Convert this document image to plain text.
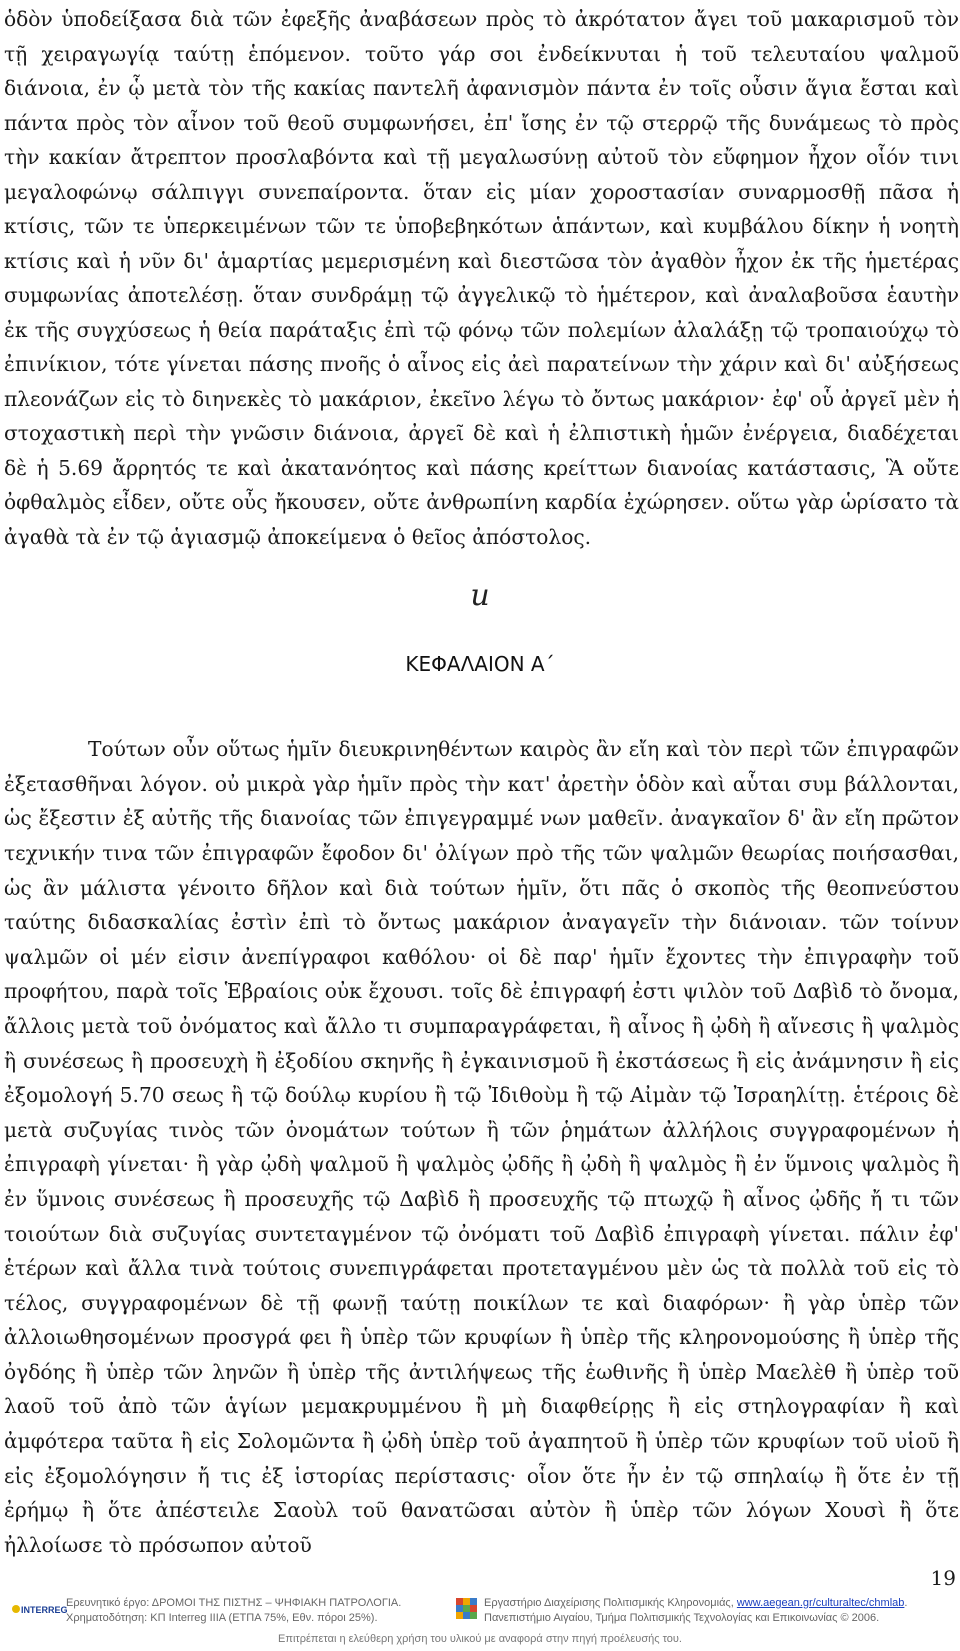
ὁδὸν ὑποδείξασα διὰ τῶν ἐφεξῆς ἀναβάσεων πρὸς τὸ ἀκρότατον ἄγει τοῦ μακαρισμοῦ τὸν τῇ χειραγωγίᾳ ταύτῃ ἑπόμενον. τοῦτο γάρ σοι ἐνδείκνυται ἡ τοῦ τελευταίου ψαλμοῦ διάνοια, ἐν ᾧ μετὰ τὸν τῆς κακίας παντελῆ ἀφανισμὸν πάντα ἐν τοῖς οὖσιν ἅγια ἔσται καὶ πάντα πρὸς τὸν αἶνον τοῦ θεοῦ συμφωνήσει, ἐπ' ἴσης ἐν τῷ στερρῷ τῆς δυνάμεως τὸ πρὸς τὴν κακίαν ἄτρεπτον προσλαβόντα καὶ τῇ μεγαλωσύνῃ αὐτοῦ τὸν εὔφημον ἦχον οἷόν τινι μεγαλοφώνῳ σάλπιγγι συνεπαίροντα. ὅταν εἰς μίαν χοροστασίαν συναρμοσθῇ πᾶσα ἡ κτίσις, τῶν τε ὑπερκειμένων τῶν τε ὑποβεβηκότων ἁπάντων, καὶ κυμβάλου δίκην ἡ νοητὴ κτίσις καὶ ἡ νῦν δι' ἁμαρτίας μεμερισμένη καὶ διεστῶσα τὸν ἀγαθὸν ἦχον ἐκ τῆς ἡμετέρας συμφωνίας ἀποτελέσῃ. ὅταν συνδράμῃ τῷ ἀγγελικῷ τὸ ἡμέτερον, καὶ ἀναλαβοῦσα ἑαυτὴν ἐκ τῆς συγχύσεως ἡ θεία παράταξις ἐπὶ τῷ φόνῳ τῶν πολεμίων ἀλαλάξῃ τῷ τροπαιούχῳ τὸ ἐπινίκιον, τότε γίνεται πάσης πνοῆς ὁ αἶνος εἰς ἀεὶ παρατείνων τὴν χάριν καὶ δι' αὐξήσεως πλεονάζων εἰς τὸ διηνεκὲς τὸ μακάριον, ἐκεῖνο λέγω τὸ ὄντως μακάριον· ἐφ' οὗ ἀργεῖ μὲν ἡ στοχαστικὴ περὶ τὴν γνῶσιν διάνοια, ἀργεῖ δὲ καὶ ἡ ἐλπιστικὴ ἡμῶν ἐνέργεια, διαδέχεται δὲ ἡ 5.69 ἄρρητός τε καὶ ἀκατανόητος καὶ πάσης κρείττων διανοίας κατάστασις, Ἃ οὔτε ὀφθαλμὸς εἶδεν, οὔτε οὖς ἤκουσεν, οὔτε ἀνθρωπίνη καρδία ἐχώρησεν. οὕτω γὰρ ὡρίσατο τὰ ἀγαθὰ τὰ ἐν τῷ ἁγιασμῷ ἀποκείμενα ὁ θεῖος ἀπόστολος.

u
ΚΕΦΑΛΑΙΟΝ Α΄

Τούτων οὖν οὕτως ἡμῖν διευκρινηθέντων καιρὸς ἂν εἴη καὶ τὸν περὶ τῶν ἐπιγραφῶν ἐξετασθῆναι λόγον. οὐ μικρὰ γὰρ ἡμῖν πρὸς τὴν κατ' ἀρετὴν ὁδὸν καὶ αὗται συμ βάλλονται, ὡς ἔξεστιν ἐξ αὐτῆς τῆς διανοίας τῶν ἐπιγεγραμμέ νων μαθεῖν. ἀναγκαῖον δ' ἂν εἴη πρῶτον τεχνικήν τινα τῶν ἐπιγραφῶν ἔφοδον δι' ὀλίγων πρὸ τῆς τῶν ψαλμῶν θεωρίας ποιήσασθαι, ὡς ἂν μάλιστα γένοιτο δῆλον καὶ διὰ τούτων ἡμῖν, ὅτι πᾶς ὁ σκοπὸς τῆς θεοπνεύστου ταύτης διδασκαλίας ἐστὶν ἐπὶ τὸ ὄντως μακάριον ἀναγαγεῖν τὴν διάνοιαν. τῶν τοίνυν ψαλμῶν οἱ μέν εἰσιν ἀνεπίγραφοι καθόλου· οἱ δὲ παρ' ἡμῖν ἔχοντες τὴν ἐπιγραφὴν τοῦ προφήτου, παρὰ τοῖς Ἑβραίοις οὐκ ἔχουσι. τοῖς δὲ ἐπιγραφή ἐστι ψιλὸν τοῦ Δαβὶδ τὸ ὄνομα, ἄλλοις μετὰ τοῦ ὀνόματος καὶ ἄλλο τι συμπαραγράφεται, ἢ αἶνος ἢ ᾠδὴ ἢ αἴνεσις ἢ ψαλμὸς ἢ συνέσεως ἢ προσευχὴ ἢ ἐξοδίου σκηνῆς ἢ ἐγκαινισμοῦ ἢ ἐκστάσεως ἢ εἰς ἀνάμνησιν ἢ εἰς ἐξομολογή 5.70 σεως ἢ τῷ δούλῳ κυρίου ἢ τῷ Ἰδιθοὺμ ἢ τῷ Αἰμὰν τῷ Ἰσραηλίτῃ. ἑτέροις δὲ μετὰ συζυγίας τινὸς τῶν ὀνομάτων τούτων ἢ τῶν ῥημάτων ἀλλήλοις συγγραφομένων ἡ ἐπιγραφὴ γίνεται· ἢ γὰρ ᾠδὴ ψαλμοῦ ἢ ψαλμὸς ᾠδῆς ἢ ᾠδὴ ἢ ψαλμὸς ἢ ἐν ὕμνοις ψαλμὸς ἢ ἐν ὕμνοις συνέσεως ἢ προσευχῆς τῷ Δαβὶδ ἢ προσευχῆς τῷ πτωχῷ ἢ αἶνος ᾠδῆς ἤ τι τῶν τοιούτων διὰ συζυγίας συντεταγμένον τῷ ὀνόματι τοῦ Δαβὶδ ἐπιγραφὴ γίνεται. πάλιν ἐφ' ἑτέρων καὶ ἄλλα τινὰ τούτοις συνεπιγράφεται προτεταγμένου μὲν ὡς τὰ πολλὰ τοῦ εἰς τὸ τέλος, συγγραφομένων δὲ τῇ φωνῇ ταύτῃ ποικίλων τε καὶ διαφόρων· ἢ γὰρ ὑπὲρ τῶν ἀλλοιωθησομένων προσγρά φει ἢ ὑπὲρ τῶν κρυφίων ἢ ὑπὲρ τῆς κληρονομούσης ἢ ὑπὲρ τῆς ὀγδόης ἢ ὑπὲρ τῶν ληνῶν ἢ ὑπὲρ τῆς ἀντιλήψεως τῆς ἑωθινῆς ἢ ὑπὲρ Μαελὲθ ἢ ὑπὲρ τοῦ λαοῦ τοῦ ἀπὸ τῶν ἁγίων μεμακρυμμένου ἢ μὴ διαφθείρῃς ἢ εἰς στηλογραφίαν ἢ καὶ ἀμφότερα ταῦτα ἢ εἰς Σολομῶντα ἢ ᾠδὴ ὑπὲρ τοῦ ἀγαπητοῦ ἢ ὑπὲρ τῶν κρυφίων τοῦ υἱοῦ ἢ εἰς ἐξομολόγησιν ἤ τις ἐξ ἱστορίας περίστασις· οἷον ὅτε ἦν ἐν τῷ σπηλαίῳ ἢ ὅτε ἐν τῇ ἐρήμῳ ἢ ὅτε ἀπέστειλε Σαοὺλ τοῦ θανατῶσαι αὐτὸν ἢ ὑπὲρ τῶν λόγων Χουσὶ ἢ ὅτε ἠλλοίωσε τὸ πρόσωπον αὐτοῦ

19
INTERREG
Ερευνητικό έργο: ΔΡΟΜΟΙ ΤΗΣ ΠΙΣΤΗΣ – ΨΗΦΙΑΚΗ ΠΑΤΡΟΛΟΓΙΑ.
Χρηματοδότηση: ΚΠ Interreg IIIA (ΕΤΠΑ 75%, Εθν. πόροι 25%).
Εργαστήριο Διαχείρισης Πολιτισμικής Κληρονομιάς, www.aegean.gr/culturaltec/chmlab.
Πανεπιστήμιο Αιγαίου, Τμήμα Πολιτισμικής Τεχνολογίας και Επικοινωνίας © 2006.
Επιτρέπεται η ελεύθερη χρήση του υλικού με αναφορά στην πηγή προέλευσής του.
